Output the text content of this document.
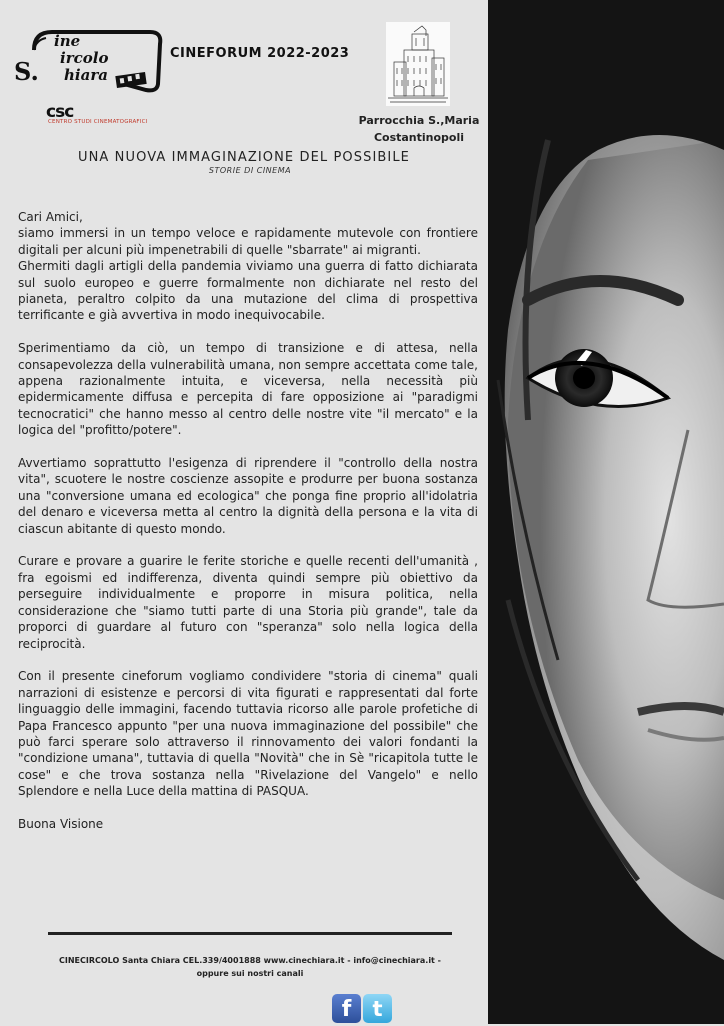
S.
ine
ircolo
hiara
CINEFORUM 2022-2023
csc
CENTRO STUDI CINEMATOGRAFICI	Parrocchia S.,Maria
Costantinopoli
UNA NUOVA IMMAGINAZIONE DEL POSSIBILE
STORIE DI CINEMA

Cari Amici,
siamo immersi in un tempo veloce e rapidamente mutevole con frontiere digitali per alcuni più impenetrabili di quelle "sbarrate" ai migranti.
Ghermiti dagli artigli della pandemia viviamo una guerra di fatto dichiarata sul suolo europeo e guerre formalmente non dichiarate nel resto del pianeta, peraltro colpito da una mutazione del clima di prospettiva terrificante e già avvertiva in modo inequivocabile.

Sperimentiamo da ciò, un tempo di transizione e di attesa, nella consapevolezza della vulnerabilità umana, non sempre accettata come tale, appena razionalmente intuita, e viceversa, nella necessità più epidermicamente diffusa e percepita di fare opposizione ai "paradigmi tecnocratici" che hanno messo al centro delle nostre vite "il mercato" e la logica del "profitto/potere".

Avvertiamo soprattutto l'esigenza di riprendere il "controllo della nostra vita", scuotere le nostre coscienze assopite e produrre per buona sostanza una "conversione umana ed ecologica" che ponga fine proprio all'idolatria del denaro e viceversa metta al centro la dignità della persona e la vita di ciascun abitante di questo mondo.

Curare e provare a guarire le ferite storiche e quelle recenti dell'umanità , fra egoismi ed indifferenza, diventa quindi sempre più obiettivo da perseguire individualmente e proporre in misura politica, nella considerazione che "siamo tutti parte di una Storia più grande", tale da proporci di guardare al futuro con "speranza" solo nella logica della reciprocità.

Con il presente cineforum vogliamo condividere "storia di cinema" quali narrazioni di esistenze e percorsi di vita figurati e rappresentati dal forte linguaggio delle immagini, facendo tuttavia ricorso alle parole profetiche di Papa Francesco appunto "per una nuova immaginazione del possibile" che può farci sperare solo attraverso il rinnovamento dei valori fondanti la "condizione umana", tuttavia di quella "Novità" che in Sè "ricapitola tutte le cose" e che trova sostanza nella "Rivelazione del Vangelo" e nello Splendore e nella Luce della mattina di PASQUA.

Buona Visione

CINECIRCOLO Santa Chiara CEL.339/4001888 www.cinechiara.it - info@cinechiara.it -
oppure sui nostri canali
f	t
